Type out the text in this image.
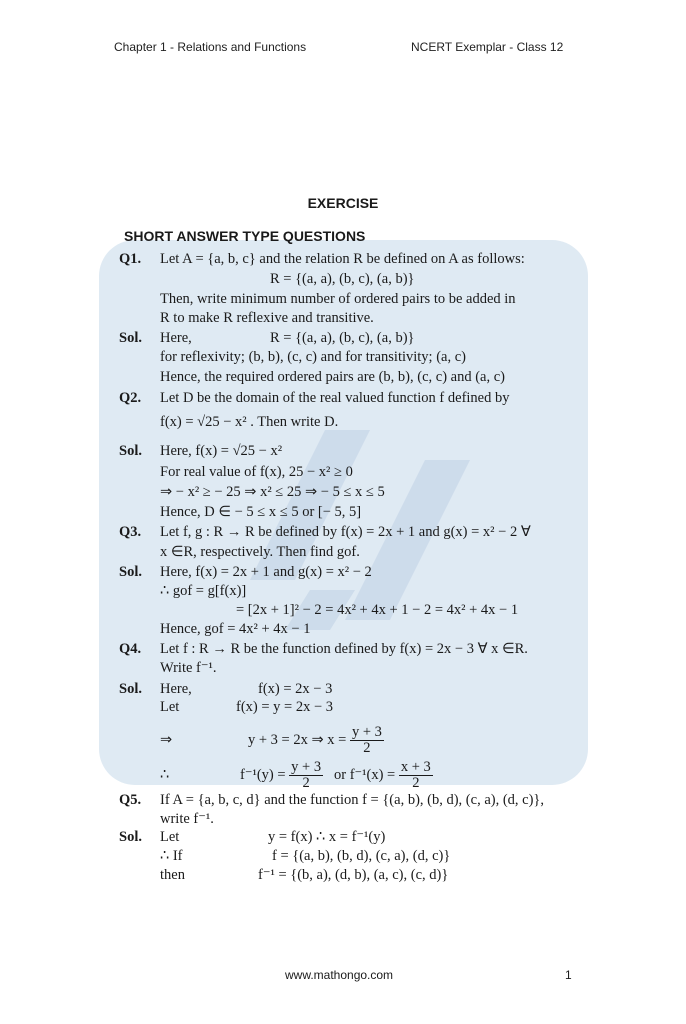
Chapter 1 - Relations and Functions	NCERT Exemplar - Class 12
EXERCISE
SHORT ANSWER TYPE QUESTIONS
Q1. Let A = {a, b, c} and the relation R be defined on A as follows:
R = {(a, a), (b, c), (a, b)}
Then, write minimum number of ordered pairs to be added in
R to make R reflexive and transitive.
Sol. Here,	R = {(a, a), (b, c), (a, b)}
for reflexivity; (b, b), (c, c) and for transitivity; (a, c)
Hence, the required ordered pairs are (b, b), (c, c) and (a, c)
Q2. Let D be the domain of the real valued function f defined by
f(x) = √25 − x² . Then write D.
Sol. Here, f(x) = √25 − x²
For real value of f(x), 25 − x² ≥ 0
⇒ − x² ≥ − 25 ⇒ x² ≤ 25 ⇒ − 5 ≤ x ≤ 5
Hence, D ∈ − 5 ≤ x ≤ 5 or [− 5, 5]
Q3. Let f, g : R → R be defined by f(x) = 2x + 1 and g(x) = x² − 2 ∀
x ∈R, respectively. Then find gof.
Sol. Here, f(x) = 2x + 1 and g(x) = x² − 2
∴ gof = g[f(x)]
= [2x + 1]² − 2 = 4x² + 4x + 1 − 2 = 4x² + 4x − 1
Hence, gof = 4x² + 4x − 1
Q4. Let f : R → R be the function defined by f(x) = 2x − 3 ∀ x ∈R.
Write f⁻¹.
Sol. Here,	f(x) = 2x − 3
Let	f(x) = y = 2x − 3
⇒	y + 3 = 2x ⇒ $x = \frac{y + 3}{2}$
∴	$f^{-1}(y) = \frac{y + 3}{2}$ or $f^{-1}(x) = \frac{x + 3}{2}$
Q5. If A = {a, b, c, d} and the function f = {(a, b), (b, d), (c, a), (d, c)},
write f⁻¹.
Sol. Let	y = f(x) ∴ x = f⁻¹(y)
∴ If	f = {(a, b), (b, d), (c, a), (d, c)}
then	f⁻¹ = {(b, a), (d, b), (a, c), (c, d)}
www.mathongo.com	1
